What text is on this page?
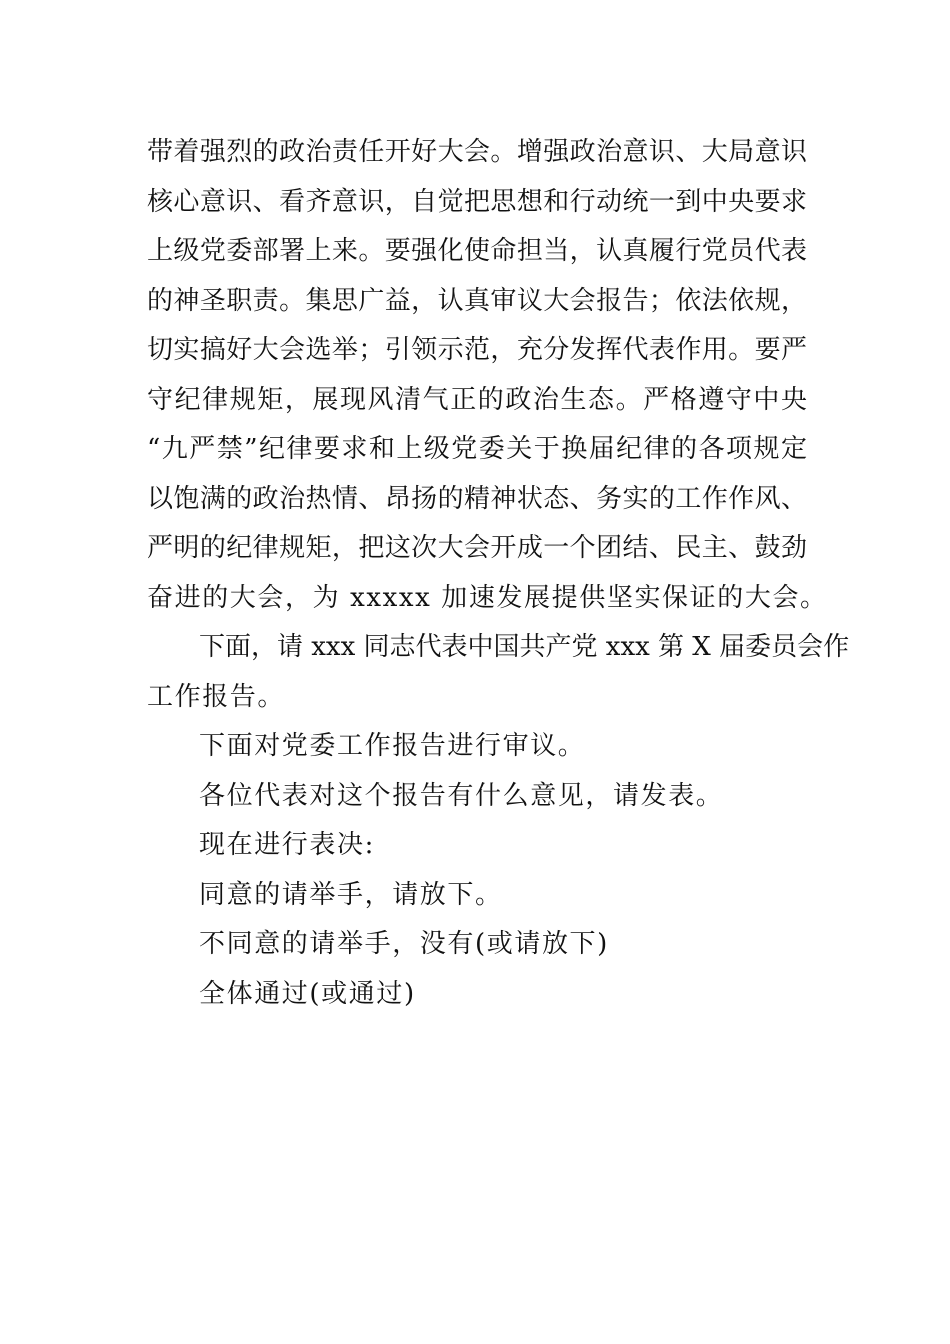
带着强烈的政治责任开好大会。增强政治意识、大局意识
核心意识、看齐意识，自觉把思想和行动统一到中央要求
上级党委部署上来。要强化使命担当，认真履行党员代表
的神圣职责。集思广益，认真审议大会报告；依法依规，
切实搞好大会选举；引领示范，充分发挥代表作用。要严
守纪律规矩，展现风清气正的政治生态。严格遵守中央
“九严禁”纪律要求和上级党委关于换届纪律的各项规定
以饱满的政治热情、昂扬的精神状态、务实的工作作风、
严明的纪律规矩，把这次大会开成一个团结、民主、鼓劲
奋进的大会，为 xxxxx 加速发展提供坚实保证的大会。
下面，请 xxx 同志代表中国共产党 xxx 第 X 届委员会作
工作报告。
下面对党委工作报告进行审议。
各位代表对这个报告有什么意见，请发表。
现在进行表决:
同意的请举手，请放下。
不同意的请举手，没有(或请放下)
全体通过(或通过)
